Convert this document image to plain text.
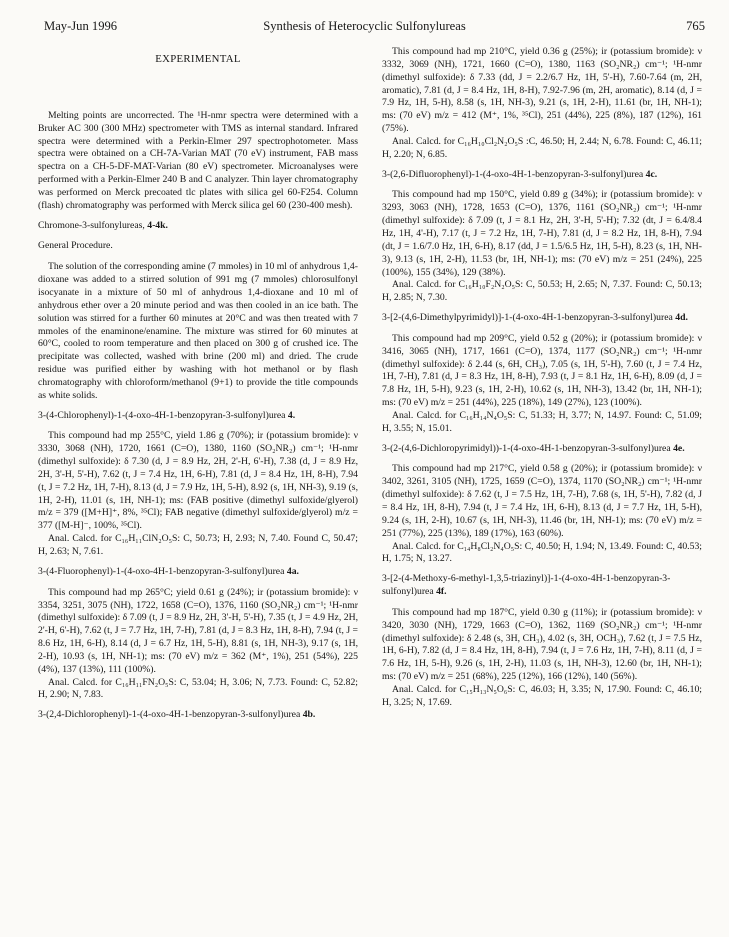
May-Jun 1996	Synthesis of Heterocyclic Sulfonylureas	765
EXPERIMENTAL

Melting points are uncorrected. The ¹H-nmr spectra were determined with a Bruker AC 300 (300 MHz) spectrometer with TMS as internal standard. Infrared spectra were determined with a Perkin-Elmer 297 spectrophotometer. Mass spectra were obtained on a CH-7A-Varian MAT (70 eV) instrument, FAB mass spectra on a CH-5-DF-MAT-Varian (80 eV) spectrometer. Microanalyses were performed with a Perkin-Elmer 240 B and C analyzer. Thin layer chromatography was performed on Merck precoated tlc plates with silica gel 60-F254. Column (flash) chromatography was performed with Merck silica gel 60 (230-400 mesh).

Chromone-3-sulfonylureas, 4-4k.
General Procedure.

The solution of the corresponding amine (7 mmoles) in 10 ml of anhydrous 1,4-dioxane was added to a stirred solution of 991 mg (7 mmoles) chlorosulfonyl isocyanate in a mixture of 50 ml of anhydrous 1,4-dioxane and 10 ml of anhydrous ether over a 20 minute period and was then cooled in an ice bath. The solution was stirred for a further 60 minutes at 20°C and was then treated with 7 mmoles of the enaminone/enamine. The mixture was stirred for 60 minutes at 60°C, cooled to room temperature and then placed on 300 g of crushed ice. The precipitate was collected, washed with brine (200 ml) and dried. The crude residue was purified either by washing with hot methanol or by flash chromatography with chloroform/methanol (9+1) to provide the title compounds as white solids.

3-(4-Chlorophenyl)-1-(4-oxo-4H-1-benzopyran-3-sulfonyl)urea 4.

This compound had mp 255°C, yield 1.86 g (70%); ir (potassium bromide): ν 3330, 3068 (NH), 1720, 1661 (C=O), 1380, 1160 (SO₂NR₂) cm⁻¹; ¹H-nmr (dimethyl sulfoxide): δ 7.30 (d, J = 8.9 Hz, 2H, 2'-H, 6'-H), 7.38 (d, J = 8.9 Hz, 2H, 3'-H, 5'-H), 7.62 (t, J = 7.4 Hz, 1H, 6-H), 7.81 (d, J = 8.4 Hz, 1H, 8-H), 7.94 (t, J = 7.2 Hz, 1H, 7-H), 8.13 (d, J = 7.9 Hz, 1H, 5-H), 8.92 (s, 1H, NH-3), 9.19 (s, 1H, 2-H), 11.01 (s, 1H, NH-1); ms: (FAB positive (dimethyl sulfoxide/glyerol) m/z = 379 ([M+H]⁺, 8%, ³⁵Cl); FAB negative (dimethyl sulfoxide/glyerol) m/z = 377 ([M-H]⁻, 100%, ³⁵Cl).

Anal. Calcd. for C₁₆H₁₁ClN₂O₅S: C, 50.73; H, 2.93; N, 7.40. Found C, 50.47; H, 2.63; N, 7.61.

3-(4-Fluorophenyl)-1-(4-oxo-4H-1-benzopyran-3-sulfonyl)urea 4a.

This compound had mp 265°C; yield 0.61 g (24%); ir (potassium bromide): ν 3354, 3251, 3075 (NH), 1722, 1658 (C=O), 1376, 1160 (SO₂NR₂) cm⁻¹; ¹H-nmr (dimethyl sulfoxide): δ 7.09 (t, J = 8.9 Hz, 2H, 3'-H, 5'-H), 7.35 (t, J = 4.9 Hz, 2H, 2'-H, 6'-H), 7.62 (t, J = 7.7 Hz, 1H, 7-H), 7.81 (d, J = 8.3 Hz, 1H, 8-H), 7.94 (t, J = 8.6 Hz, 1H, 6-H), 8.14 (d, J = 6.7 Hz, 1H, 5-H), 8.81 (s, 1H, NH-3), 9.17 (s, 1H, 2-H), 10.93 (s, 1H, NH-1); ms: (70 eV) m/z = 362 (M⁺, 1%), 251 (54%), 225 (4%), 137 (13%), 111 (100%).

Anal. Calcd. for C₁₆H₁₁FN₂O₅S: C, 53.04; H, 3.06; N, 7.73. Found: C, 52.82; H, 2.90; N, 7.83.

3-(2,4-Dichlorophenyl)-1-(4-oxo-4H-1-benzopyran-3-sulfonyl)urea 4b.

This compound had mp 210°C, yield 0.36 g (25%); ir (potassium bromide): ν 3332, 3069 (NH), 1721, 1660 (C=O), 1380, 1163 (SO₂NR₂) cm⁻¹; ¹H-nmr (dimethyl sulfoxide): δ 7.33 (dd, J = 2.2/6.7 Hz, 1H, 5'-H), 7.60-7.64 (m, 2H, aromatic), 7.81 (d, J = 8.4 Hz, 1H, 8-H), 7.92-7.96 (m, 2H, aromatic), 8.14 (d, J = 7.9 Hz, 1H, 5-H), 8.58 (s, 1H, NH-3), 9.21 (s, 1H, 2-H), 11.61 (br, 1H, NH-1); ms: (70 eV) m/z = 412 (M⁺, 1%, ³⁵Cl), 251 (44%), 225 (8%), 187 (12%), 161 (75%).

Anal. Calcd. for C₁₆H₁₀Cl₂N₂O₅S :C, 46.50; H, 2.44; N, 6.78. Found: C, 46.11; H, 2.20; N, 6.85.

3-(2,6-Difluorophenyl)-1-(4-oxo-4H-1-benzopyran-3-sulfonyl)urea 4c.

This compound had mp 150°C, yield 0.89 g (34%); ir (potassium bromide): ν 3293, 3063 (NH), 1728, 1653 (C=O), 1376, 1161 (SO₂NR₂) cm⁻¹; ¹H-nmr (dimethyl sulfoxide): δ 7.09 (t, J = 8.1 Hz, 2H, 3'-H, 5'-H); 7.32 (dt, J = 6.4/8.4 Hz, 1H, 4'-H), 7.17 (t, J = 7.2 Hz, 1H, 7-H), 7.81 (d, J = 8.2 Hz, 1H, 8-H), 7.94 (dt, J = 1.6/7.0 Hz, 1H, 6-H), 8.17 (dd, J = 1.5/6.5 Hz, 1H, 5-H), 8.23 (s, 1H, NH-3), 9.13 (s, 1H, 2-H), 11.53 (br, 1H, NH-1); ms: (70 eV) m/z = 251 (24%), 225 (100%), 155 (34%), 129 (38%).

Anal. Calcd. for C₁₆H₁₀F₂N₂O₅S: C, 50.53; H, 2.65; N, 7.37. Found: C, 50.13; H, 2.85; N, 7.30.

3-[2-(4,6-Dimethylpyrimidyl)]-1-(4-oxo-4H-1-benzopyran-3-sulfonyl)urea 4d.

This compound had mp 209°C, yield 0.52 g (20%); ir (potassium bromide): ν 3416, 3065 (NH), 1717, 1661 (C=O), 1374, 1177 (SO₂NR₂) cm⁻¹; ¹H-nmr (dimethyl sulfoxide): δ 2.44 (s, 6H, CH₃), 7.05 (s, 1H, 5'-H), 7.60 (t, J = 7.4 Hz, 1H, 7-H), 7.81 (d, J = 8.3 Hz, 1H, 8-H), 7.93 (t, J = 8.1 Hz, 1H, 6-H), 8.09 (d, J = 7.8 Hz, 1H, 5-H), 9.23 (s, 1H, 2-H), 10.62 (s, 1H, NH-3), 13.42 (br, 1H, NH-1); ms: (70 eV) m/z = 251 (44%), 225 (18%), 149 (27%), 123 (100%).

Anal. Calcd. for C₁₆H₁₄N₄O₅S: C, 51.33; H, 3.77; N, 14.97. Found: C, 51.09; H, 3.55; N, 15.01.

3-(2-(4,6-Dichloropyrimidyl))-1-(4-oxo-4H-1-benzopyran-3-sulfonyl)urea 4e.

This compound had mp 217°C, yield 0.58 g (20%); ir (potassium bromide): ν 3402, 3261, 3105 (NH), 1725, 1659 (C=O), 1374, 1170 (SO₂NR₂) cm⁻¹; ¹H-nmr (dimethyl sulfoxide): δ 7.62 (t, J = 7.5 Hz, 1H, 7-H), 7.68 (s, 1H, 5'-H), 7.82 (d, J = 8.4 Hz, 1H, 8-H), 7.94 (t, J = 7.4 Hz, 1H, 6-H), 8.13 (d, J = 7.7 Hz, 1H, 5-H), 9.24 (s, 1H, 2-H), 10.67 (s, 1H, NH-3), 11.46 (br, 1H, NH-1); ms: (70 eV) m/z = 251 (77%), 225 (13%), 189 (17%), 163 (60%).

Anal. Calcd. for C₁₄H₈Cl₂N₄O₅S: C, 40.50; H, 1.94; N, 13.49. Found: C, 40.53; H, 1.75; N, 13.27.

3-[2-(4-Methoxy-6-methyl-1,3,5-triazinyl)]-1-(4-oxo-4H-1-benzopyran-3-sulfonyl)urea 4f.

This compound had mp 187°C, yield 0.30 g (11%); ir (potassium bromide): ν 3420, 3030 (NH), 1729, 1663 (C=O), 1362, 1169 (SO₂NR₂) cm⁻¹; ¹H-nmr (dimethyl sulfoxide): δ 2.48 (s, 3H, CH₃), 4.02 (s, 3H, OCH₃), 7.62 (t, J = 7.5 Hz, 1H, 6-H), 7.82 (d, J = 8.4 Hz, 1H, 8-H), 7.94 (t, J = 7.6 Hz, 1H, 7-H), 8.11 (d, J = 7.6 Hz, 1H, 5-H), 9.26 (s, 1H, 2-H), 11.03 (s, 1H, NH-3), 12.60 (br, 1H, NH-1); ms: (70 eV) m/z = 251 (68%), 225 (12%), 166 (12%), 140 (56%).

Anal. Calcd. for C₁₅H₁₃N₅O₆S: C, 46.03; H, 3.35; N, 17.90. Found: C, 46.10; H, 3.25; N, 17.69.
